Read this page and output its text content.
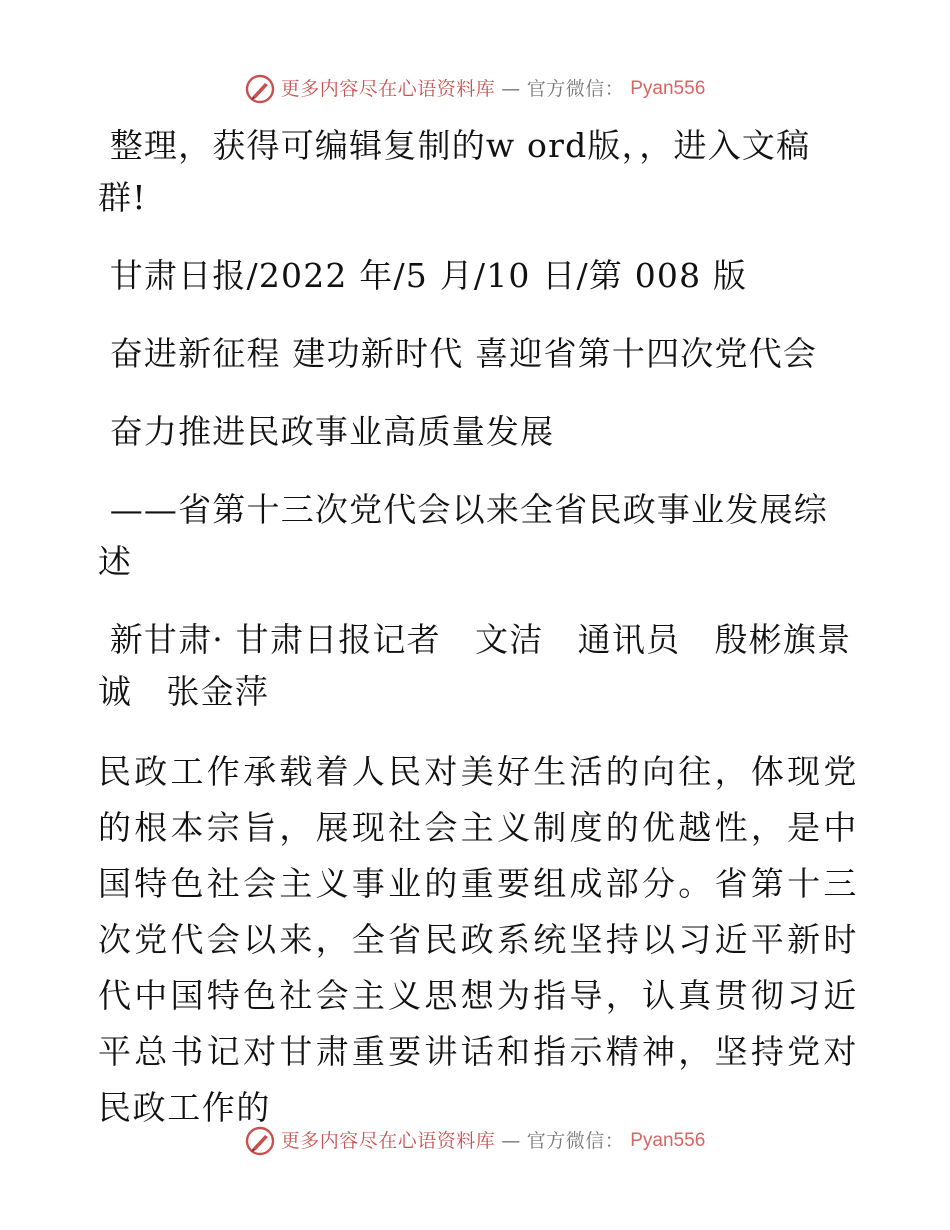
更多内容尽在心语资料库 — 官方微信： Pyan556

整理，获得可编辑复制的w ord版，，进入文稿群!

甘肃日报/2022 年/5 月/10 日/第 008 版

奋进新征程 建功新时代 喜迎省第十四次党代会

奋力推进民政事业高质量发展

——省第十三次党代会以来全省民政事业发展综述

新甘肃· 甘肃日报记者　文洁　通讯员　殷彬旗景诚　张金萍

民政工作承载着人民对美好生活的向往，体现党的根本宗旨，展现社会主义制度的优越性，是中国特色社会主义事业的重要组成部分。省第十三次党代会以来，全省民政系统坚持以习近平新时代中国特色社会主义思想为指导，认真贯彻习近平总书记对甘肃重要讲话和指示精神，坚持党对民政工作的

更多内容尽在心语资料库 — 官方微信： Pyan556
